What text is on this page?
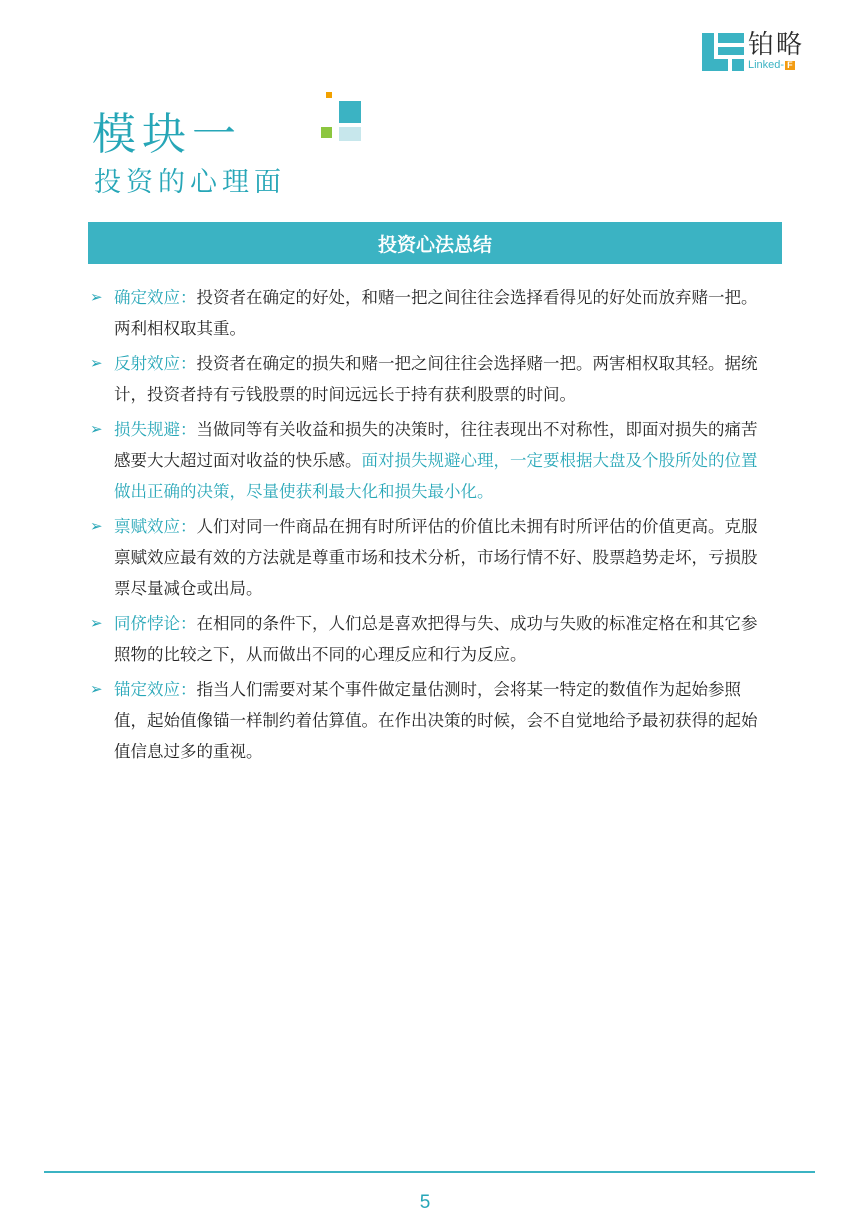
铂略
Linked- F
模块一
投资的心理面
投资心法总结
➢ 确定效应：投资者在确定的好处，和赌一把之间往往会选择看得见的好处而放弃赌一把。两利相权取其重。
➢ 反射效应：投资者在确定的损失和赌一把之间往往会选择赌一把。两害相权取其轻。据统计，投资者持有亏钱股票的时间远远长于持有获利股票的时间。
➢ 损失规避：当做同等有关收益和损失的决策时，往往表现出不对称性，即面对损失的痛苦感要大大超过面对收益的快乐感。面对损失规避心理，一定要根据大盘及个股所处的位置做出正确的决策，尽量使获利最大化和损失最小化。
➢ 禀赋效应：人们对同一件商品在拥有时所评估的价值比未拥有时所评估的价值更高。克服禀赋效应最有效的方法就是尊重市场和技术分析，市场行情不好、股票趋势走坏，亏损股票尽量减仓或出局。
➢ 同侪悖论：在相同的条件下，人们总是喜欢把得与失、成功与失败的标准定格在和其它参照物的比较之下，从而做出不同的心理反应和行为反应。
➢ 锚定效应：指当人们需要对某个事件做定量估测时，会将某一特定的数值作为起始参照值，起始值像锚一样制约着估算值。在作出决策的时候，会不自觉地给予最初获得的起始值信息过多的重视。
5
